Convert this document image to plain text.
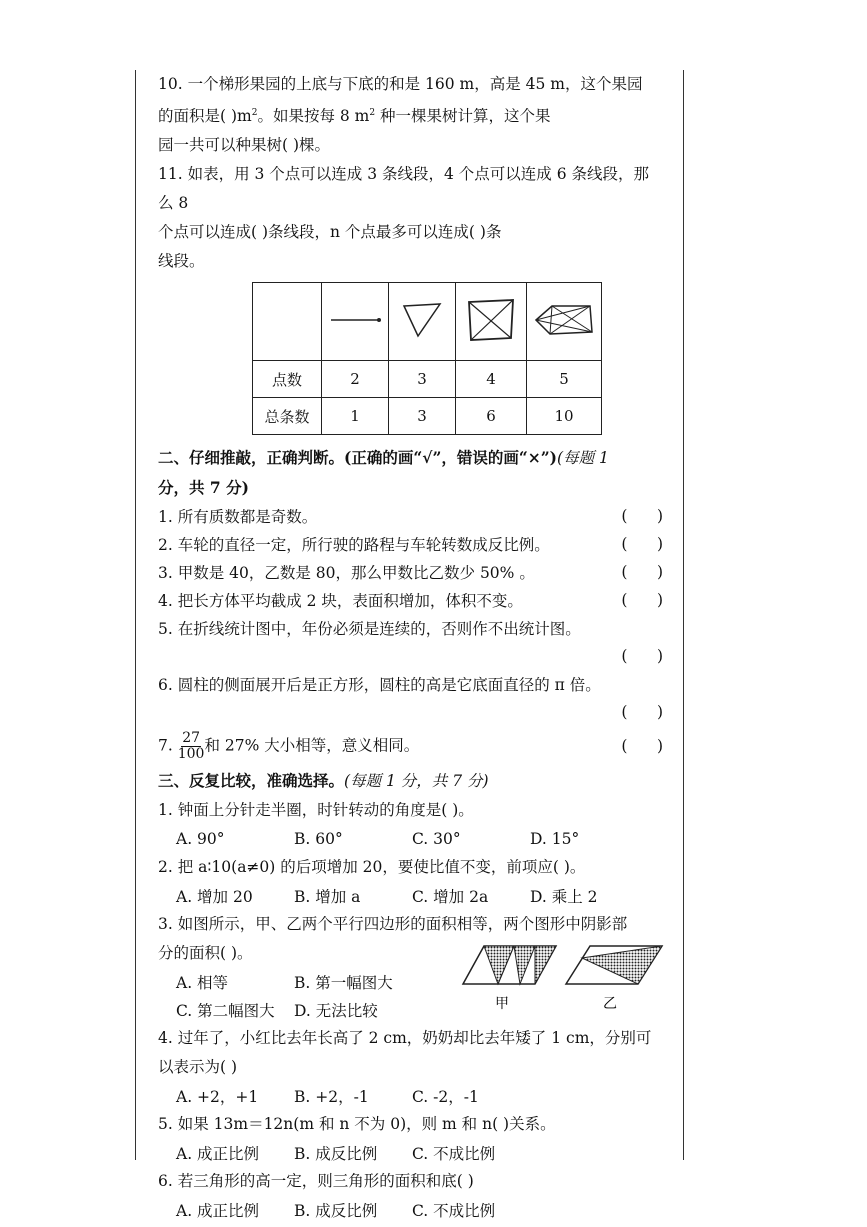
10. 一个梯形果园的上底与下底的和是 160 m，高是 45 m，这个果园

的面积是( )$m^2$。如果按每 8 $m^2$ 种一棵果树计算，这个果

园一共可以种果树( )棵。

11. 如表，用 3 个点可以连成 3 条线段，4 个点可以连成 6 条线段，那么 8

个点可以连成( )条线段，n 个点最多可以连成( )条

线段。

点数	2	3	4	5
总条数	1	3	6	10

二、仔细推敲，正确判断。(正确的画“√”，错误的画“×”)(每题 1

分，共 7 分)

1. 所有质数都是奇数。	(      )
2. 车轮的直径一定，所行驶的路程与车轮转数成反比例。	(      )
3. 甲数是 40，乙数是 80，那么甲数比乙数少 50% 。	(      )
4. 把长方体平均截成 2 块，表面积增加，体积不变。	(      )
5. 在折线统计图中，年份必须是连续的，否则作不出统计图。
(      )
6. 圆柱的侧面展开后是正方形，圆柱的高是它底面直径的 π 倍。
(      )
7. $\frac{27}{100}$ 和 27% 大小相等，意义相同。	(      )

三、反复比较，准确选择。(每题 1 分，共 7 分)

1. 钟面上分针走半圈，时针转动的角度是( )。

A. 90°	B. 60°	C. 30°	D. 15°

2. 把 a∶10(a≠0) 的后项增加 20，要使比值不变，前项应( )。

A. 增加 20	B. 增加 a	C. 增加 2a	D. 乘上 2

3. 如图所示，甲、乙两个平行四边形的面积相等，两个图形中阴影部

分的面积( )。

A. 相等	B. 第一幅图大
C. 第二幅图大	D. 无法比较	甲	乙

4. 过年了，小红比去年长高了 2 cm，奶奶却比去年矮了 1 cm，分别可

以表示为( )

A. +2，+1	B. +2，-1	C. -2，-1

5. 如果 13m＝12n(m 和 n 不为 0)，则 m 和 n( )关系。

A. 成正比例	B. 成反比例	C. 不成比例

6. 若三角形的高一定，则三角形的面积和底( )

A. 成正比例	B. 成反比例	C. 不成比例
